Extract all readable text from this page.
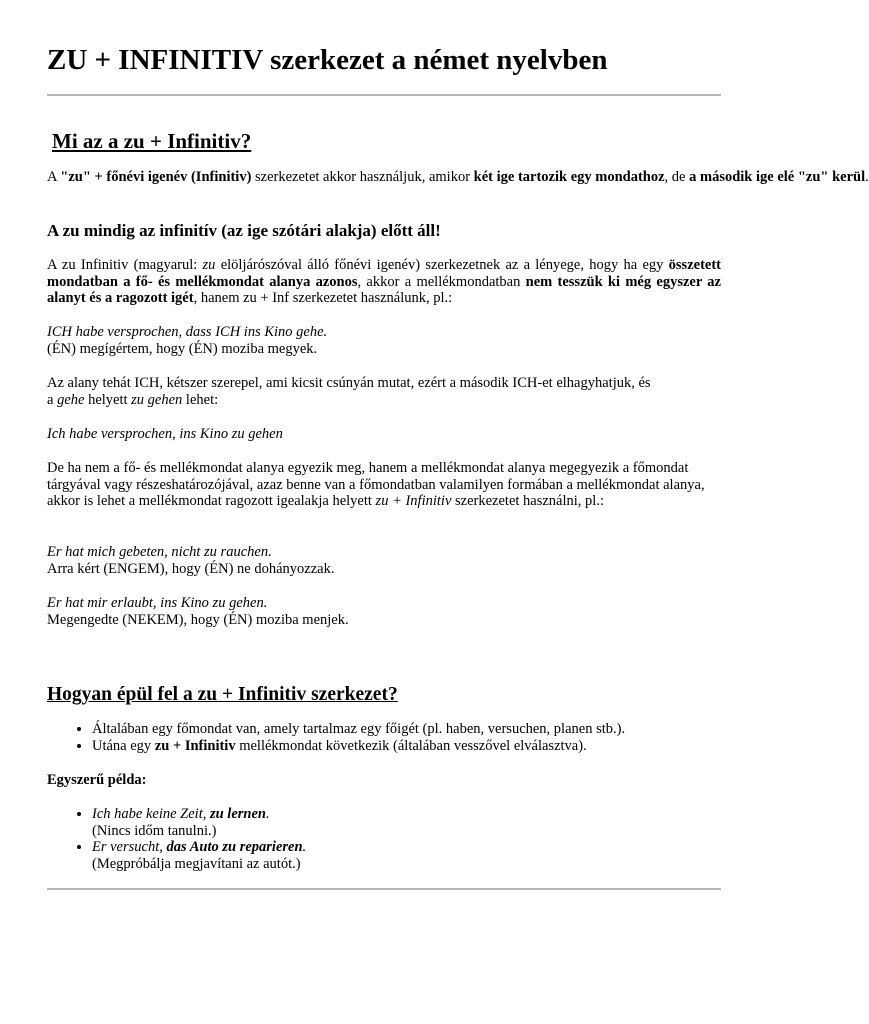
ZU + INFINITIV szerkezet a német nyelvben
Mi az a zu + Infinitiv?
A "zu" + főnévi igenév (Infinitiv) szerkezetet akkor használjuk, amikor két ige tartozik egy mondathoz, de a második ige elé "zu" kerül.
A zu mindig az infinitív (az ige szótári alakja) előtt áll!
A zu Infinitiv (magyarul: zu elöljárószóval álló főnévi igenév) szerkezetnek az a lényege, hogy ha egy összetett mondatban a fő- és mellékmondat alanya azonos, akkor a mellékmondatban nem tesszük ki még egyszer az alanyt és a ragozott igét, hanem zu + Inf szerkezetet használunk, pl.:
ICH habe versprochen, dass ICH ins Kino gehe.
(ÉN) megígértem, hogy (ÉN) moziba megyek.
Az alany tehát ICH, kétszer szerepel, ami kicsit csúnyán mutat, ezért a második ICH-et elhagyhatjuk, és
a gehe helyett zu gehen lehet:
Ich habe versprochen, ins Kino zu gehen
De ha nem a fő- és mellékmondat alanya egyezik meg, hanem a mellékmondat alanya megegyezik a főmondat tárgyával vagy részeshatározójával, azaz benne van a főmondatban valamilyen formában a mellékmondat alanya, akkor is lehet a mellékmondat ragozott igealakja helyett zu + Infinitiv szerkezetet használni, pl.:
Er hat mich gebeten, nicht zu rauchen.
Arra kért (ENGEM), hogy (ÉN) ne dohányozzak.
Er hat mir erlaubt, ins Kino zu gehen.
Megengedte (NEKEM), hogy (ÉN) moziba menjek.
Hogyan épül fel a zu + Infinitiv szerkezet?
• Általában egy főmondat van, amely tartalmaz egy főigét (pl. haben, versuchen, planen stb.).
• Utána egy zu + Infinitiv mellékmondat következik (általában vesszővel elválasztva).
Egyszerű példa:
• Ich habe keine Zeit, zu lernen.
(Nincs időm tanulni.)
• Er versucht, das Auto zu reparieren.
(Megpróbálja megjavítani az autót.)
